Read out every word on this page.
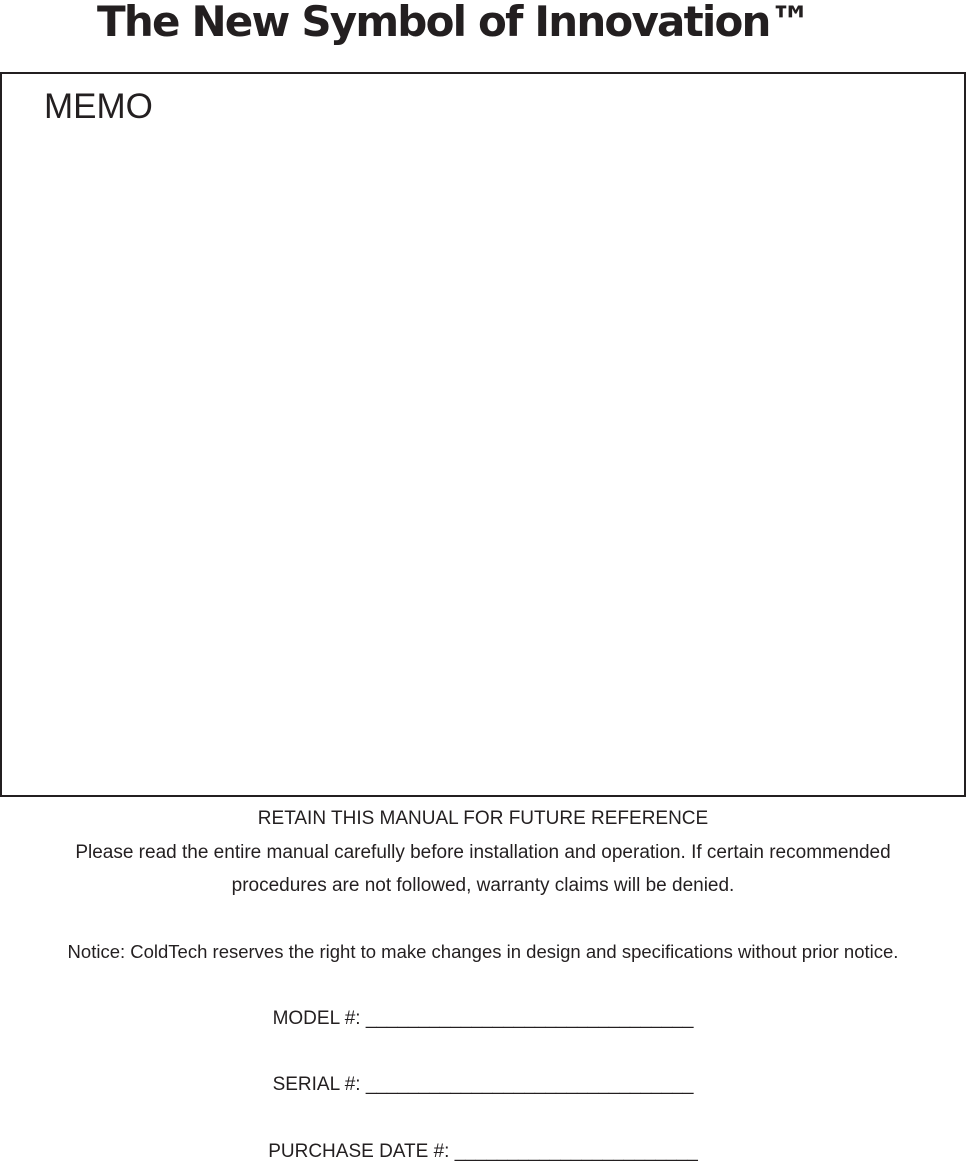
The New Symbol of Innovation™
MEMO
RETAIN THIS MANUAL FOR FUTURE REFERENCE
Please read the entire manual carefully before installation and operation. If certain recommended
procedures are not followed, warranty claims will be denied.
Notice: ColdTech reserves the right to make changes in design and specifications without prior notice.
MODEL #: _______________________________
SERIAL #: _______________________________
PURCHASE DATE #: _______________________
